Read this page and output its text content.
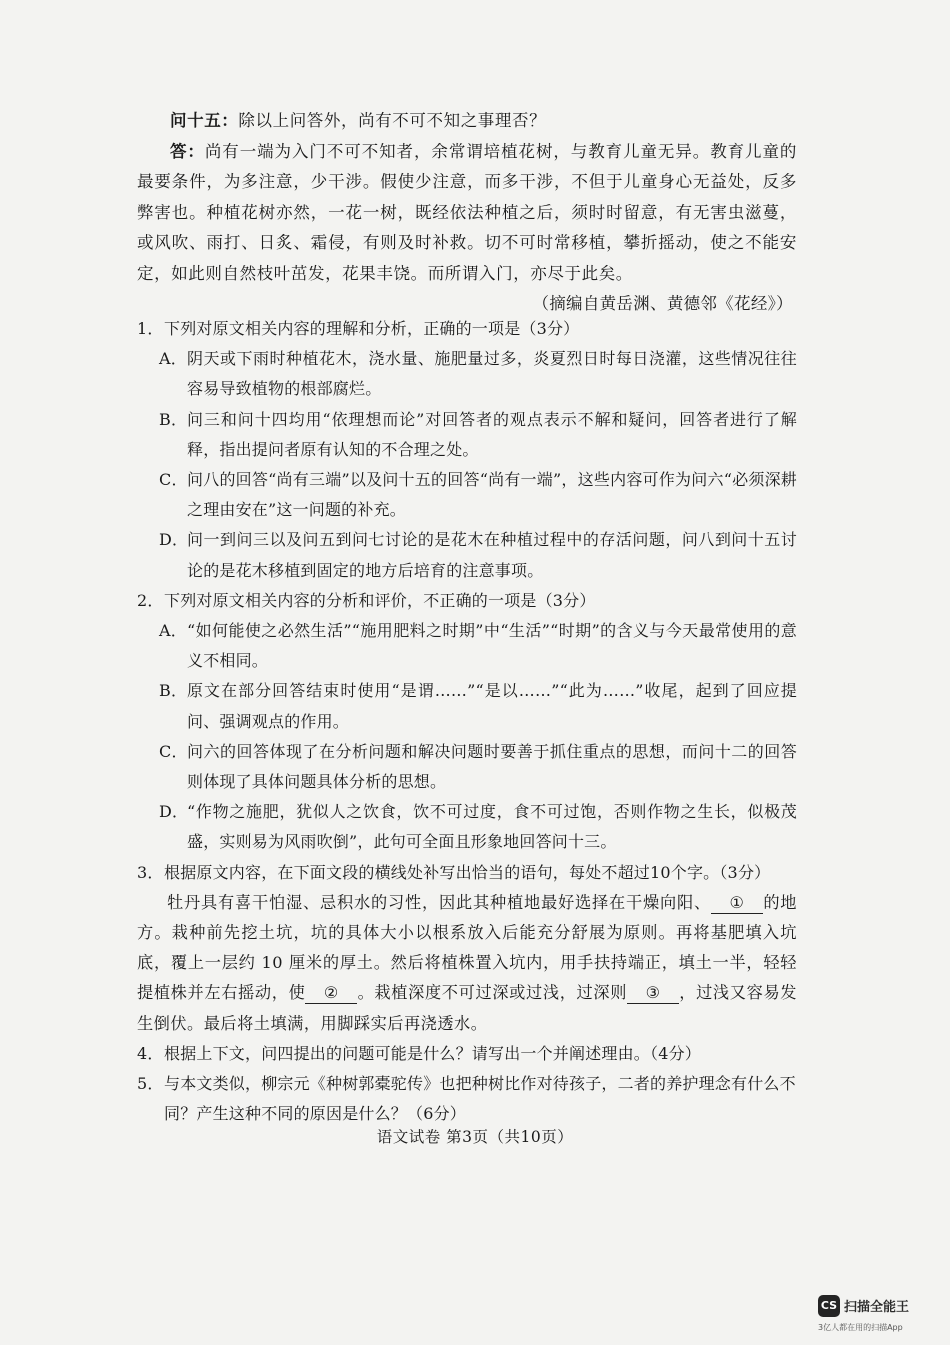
问十五：除以上问答外，尚有不可不知之事理否？

答：尚有一端为入门不可不知者，余常谓培植花树，与教育儿童无异。教育儿童的最要条件，为多注意，少干涉。假使少注意，而多干涉，不但于儿童身心无益处，反多弊害也。种植花树亦然，一花一树，既经依法种植之后，须时时留意，有无害虫滋蔓，或风吹、雨打、日炙、霜侵，有则及时补救。切不可时常移植，攀折摇动，使之不能安定，如此则自然枝叶茁发，花果丰饶。而所谓入门，亦尽于此矣。

（摘编自黄岳渊、黄德邻《花经》）

1． 下列对原文相关内容的理解和分析，正确的一项是（3分）
A． 阴天或下雨时种植花木，浇水量、施肥量过多，炎夏烈日时每日浇灌，这些情况往往容易导致植物的根部腐烂。
B． 问三和问十四均用“依理想而论”对回答者的观点表示不解和疑问，回答者进行了解释，指出提问者原有认知的不合理之处。
C． 问八的回答“尚有三端”以及问十五的回答“尚有一端”，这些内容可作为问六“必须深耕之理由安在”这一问题的补充。
D．
问一到问三以及问五到问七讨论的是花木在种植过程中的存活问题，问八到问十五讨论的是花木移植到固定的地方后培育的注意事项。
2． 下列对原文相关内容的分析和评价，不正确的一项是（3分）
A． “如何能使之必然生活”“施用肥料之时期”中“生活”“时期”的含义与今天最常使用的意义不相同。
B． 原文在部分回答结束时使用“是谓……”“是以……”“此为……”收尾，起到了回应提问、强调观点的作用。
C． 问六的回答体现了在分析问题和解决问题时要善于抓住重点的思想，而问十二的回答则体现了具体问题具体分析的思想。
D．
“作物之施肥，犹似人之饮食，饮不可过度，食不可过饱，否则作物之生长，似极茂盛，实则易为风雨吹倒”，此句可全面且形象地回答问十三。
3． 根据原文内容，在下面文段的横线处补写出恰当的语句，每处不超过10个字。（3分）

牡丹具有喜干怕湿、忌积水的习性，因此其种植地最好选择在干燥向阳、 ① 的地方。栽种前先挖土坑，坑的具体大小以根系放入后能充分舒展为原则。再将基肥填入坑底，覆上一层约 10 厘米的厚土。然后将植株置入坑内，用手扶持端正，填土一半，轻轻提植株并左右摇动，使 ② 。栽植深度不可过深或过浅，过深则 ③ ，过浅又容易发生倒伏。最后将土填满，用脚踩实后再浇透水。

4． 根据上下文，问四提出的问题可能是什么？请写出一个并阐述理由。（4分）
5． 与本文类似，柳宗元《种树郭橐驼传》也把种树比作对待孩子，二者的养护理念有什么不同？产生这种不同的原因是什么？（6分）
语文试卷 第3页（共10页）
CS 扫描全能王
3亿人都在用的扫描App
